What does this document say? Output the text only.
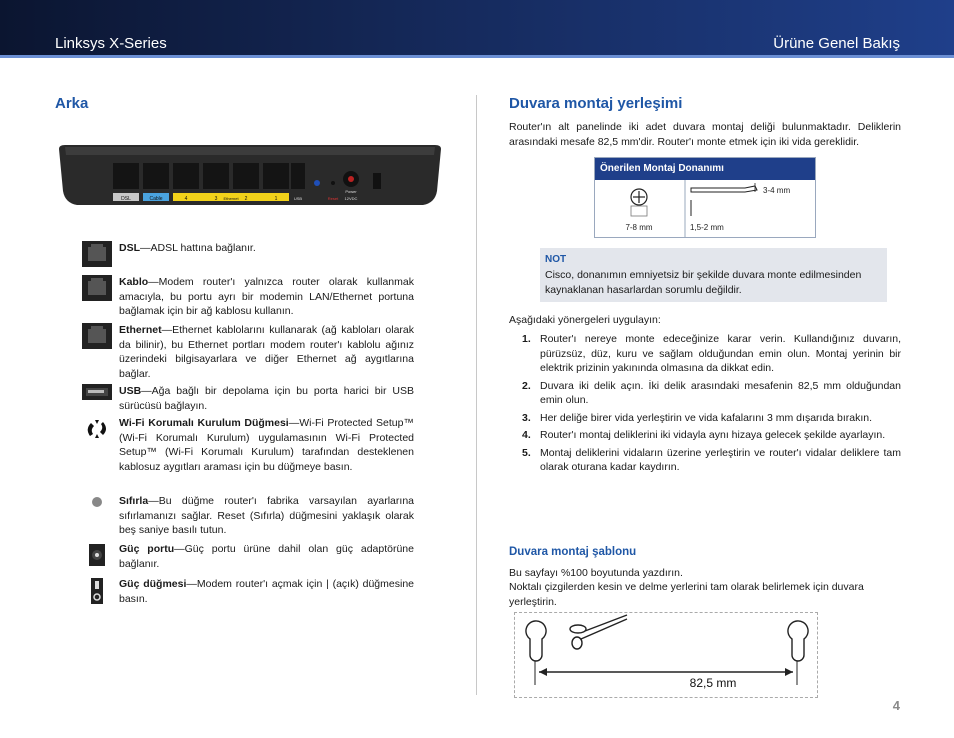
Linksys X-Series	Ürüne Genel Bakış
Arka
DSL	Cable	4	3 Ethernet 2	1	USB	Reset
Power
12VDC
DSL—ADSL hattına bağlanır.
Kablo—Modem router'ı yalnızca router olarak kullanmak amacıyla, bu portu ayrı bir modemin LAN/Ethernet portuna bağlamak için bir ağ kablosu kullanın.
Ethernet—Ethernet kablolarını kullanarak (ağ kabloları olarak da bilinir), bu Ethernet portları modem router'ı kablolu ağınız üzerindeki bilgisayarlara ve diğer Ethernet ağ aygıtlarına bağlar.
USB—Ağa bağlı bir depolama için bu porta harici bir USB sürücüsü bağlayın.
Wi-Fi Korumalı Kurulum Düğmesi—Wi-Fi Protected Setup™ (Wi-Fi Korumalı Kurulum) uygulamasının Wi-Fi Protected Setup™ (Wi-Fi Korumalı Kurulum) tarafından desteklenen kablosuz aygıtları araması için bu düğmeye basın.
Sıfırla—Bu düğme router'ı fabrika varsayılan ayarlarına sıfırlamanızı sağlar. Reset (Sıfırla) düğmesini yaklaşık olarak beş saniye basılı tutun.
Güç portu—Güç portu ürüne dahil olan güç adaptörüne bağlanır.
Güç düğmesi—Modem router'ı açmak için | (açık) düğmesine basın.
Duvara montaj yerleşimi
Router'ın alt panelinde iki adet duvara montaj deliği bulunmaktadır. Deliklerin arasındaki mesafe 82,5 mm'dir. Router'ı monte etmek için iki vida gereklidir.
Önerilen Montaj Donanımı
7-8 mm	1,5-2 mm
3-4 mm
NOT
Cisco, donanımın emniyetsiz bir şekilde duvara monte edilmesinden kaynaklanan hasarlardan sorumlu değildir.
Aşağıdaki yönergeleri uygulayın:
1. Router'ı nereye monte edeceğinize karar verin. Kullandığınız duvarın, pürüzsüz, düz, kuru ve sağlam olduğundan emin olun. Montaj yerinin bir elektrik prizinin yakınında olmasına da dikkat edin.
2. Duvara iki delik açın. İki delik arasındaki mesafenin 82,5 mm olduğundan emin olun.
3. Her deliğe birer vida yerleştirin ve vida kafalarını 3 mm dışarıda bırakın.
4. Router'ı montaj deliklerini iki vidayla aynı hizaya gelecek şekilde ayarlayın.
5. Montaj deliklerini vidaların üzerine yerleştirin ve router'ı vidalar deliklere tam olarak oturana kadar kaydırın.
Duvara montaj şablonu
Bu sayfayı %100 boyutunda yazdırın.
Noktalı çizgilerden kesin ve delme yerlerini tam olarak belirlemek için duvara yerleştirin.
82,5 mm
4
